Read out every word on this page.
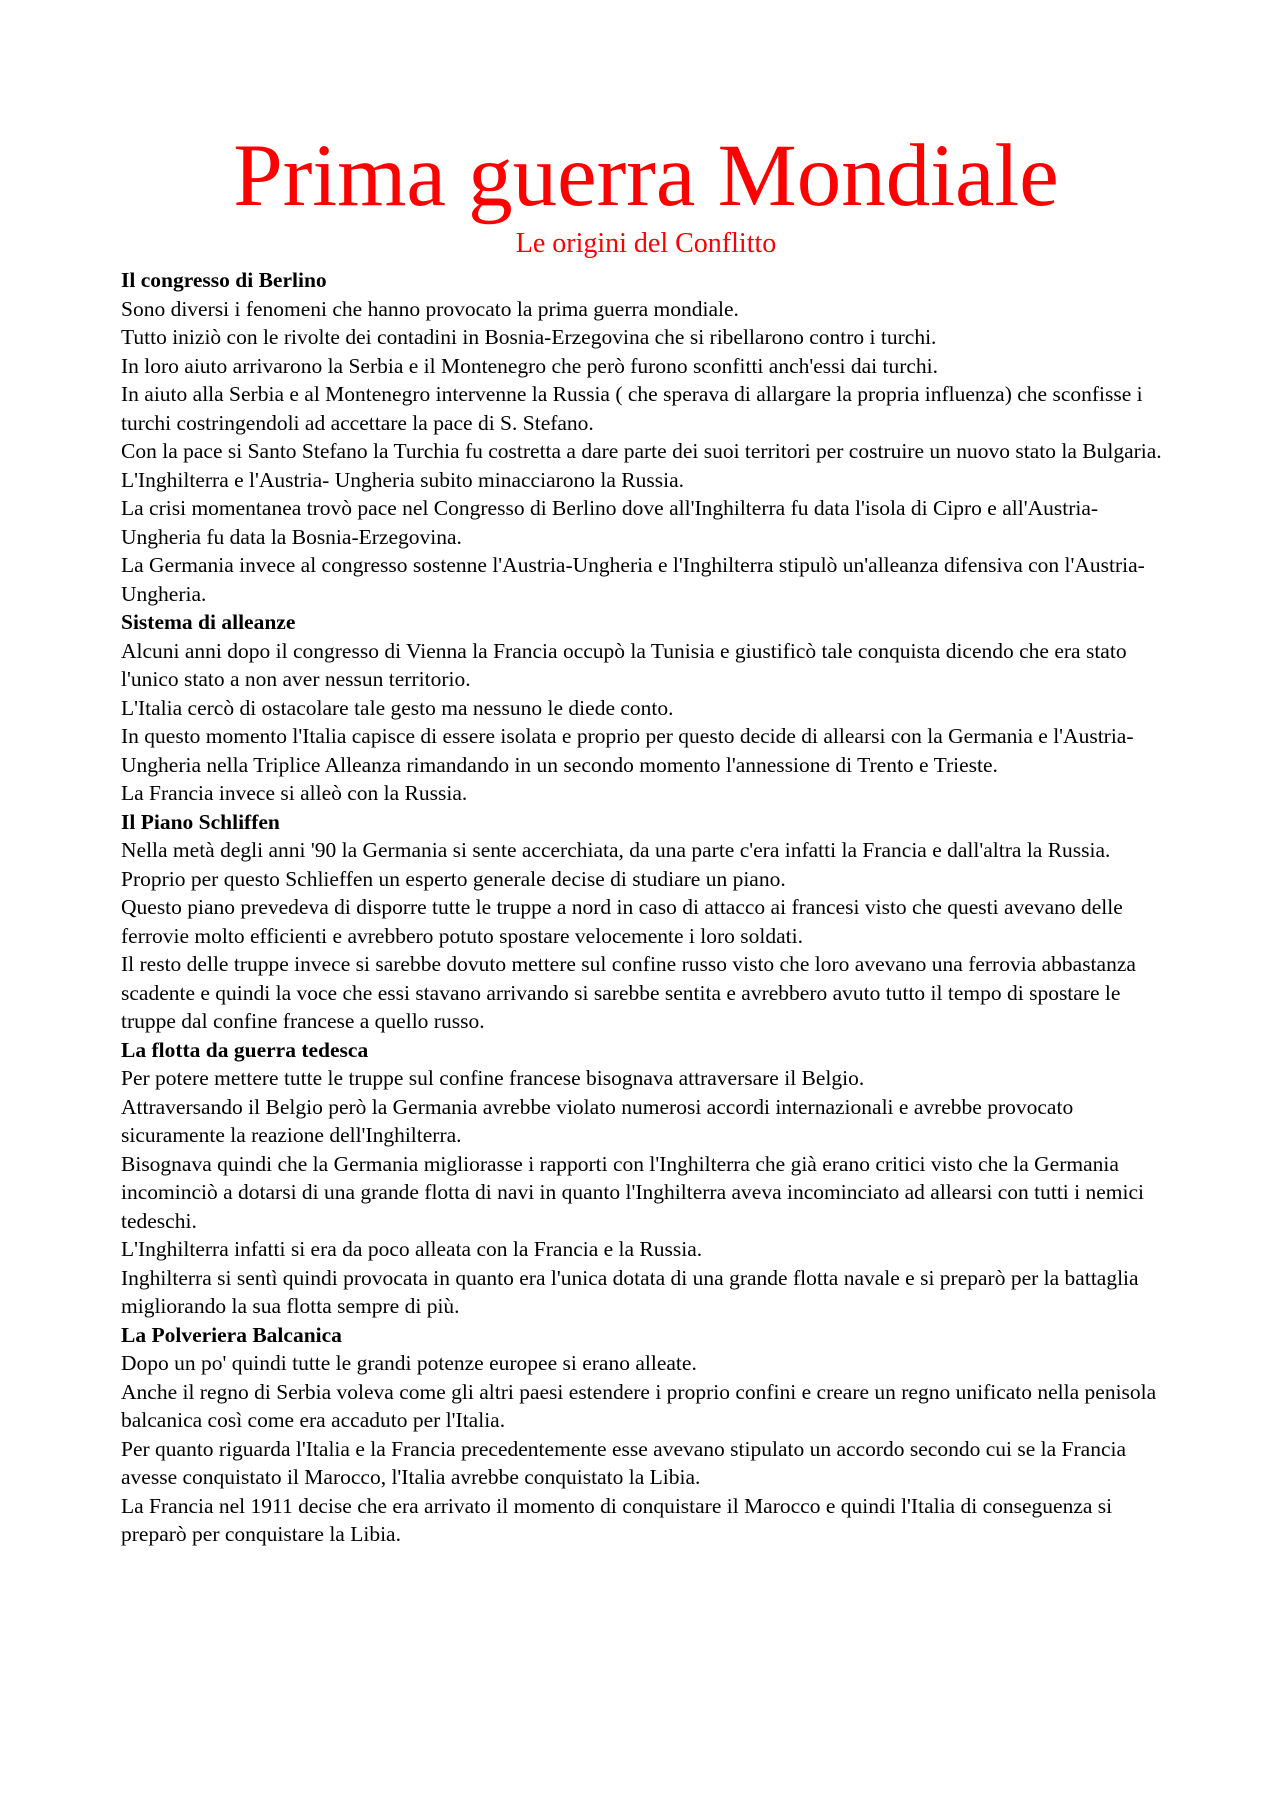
Prima guerra Mondiale
Le origini del Conflitto

Il congresso di Berlino

Sono diversi i fenomeni che hanno provocato la prima guerra mondiale.

Tutto iniziò con le rivolte dei contadini in Bosnia-Erzegovina che si ribellarono contro i turchi.

In loro aiuto arrivarono la Serbia e il Montenegro che però furono sconfitti anch'essi dai turchi.

In aiuto alla Serbia e al Montenegro intervenne la Russia ( che sperava di allargare la propria influenza) che sconfisse i turchi costringendoli ad accettare la pace di S. Stefano.

Con la pace si Santo Stefano la Turchia fu costretta a dare parte dei suoi territori per costruire un nuovo stato la Bulgaria.

L'Inghilterra e l'Austria- Ungheria subito minacciarono la Russia.

La crisi momentanea trovò pace nel Congresso di Berlino dove all'Inghilterra fu data l'isola di Cipro e all'Austria- Ungheria fu data la Bosnia-Erzegovina.

La Germania invece al congresso sostenne l'Austria-Ungheria e l'Inghilterra stipulò un'alleanza difensiva con l'Austria-Ungheria.

Sistema di alleanze

Alcuni anni dopo il congresso di Vienna la Francia occupò la Tunisia e giustificò tale conquista dicendo che era stato l'unico stato a non aver nessun territorio.

L'Italia cercò di ostacolare tale gesto ma nessuno le diede conto.

In questo momento l'Italia capisce di essere isolata e proprio per questo decide di allearsi con la Germania e l'Austria-Ungheria nella Triplice Alleanza rimandando in un secondo momento l'annessione di Trento e Trieste.

La Francia invece si alleò con la Russia.

Il Piano Schliffen

Nella metà degli anni '90 la Germania si sente accerchiata, da una parte c'era infatti la Francia e dall'altra la Russia.

Proprio per questo Schlieffen un esperto generale decise di studiare un piano.

Questo piano prevedeva di disporre tutte le truppe a nord in caso di attacco ai francesi visto che questi avevano delle ferrovie molto efficienti e avrebbero potuto spostare velocemente i loro soldati.

Il resto delle truppe invece si sarebbe dovuto mettere sul confine russo visto che loro avevano una ferrovia abbastanza scadente e quindi la voce che essi stavano arrivando si sarebbe sentita e avrebbero avuto tutto il tempo di spostare le truppe dal confine francese a quello russo.

La flotta da guerra tedesca

Per potere mettere tutte le truppe sul confine francese bisognava attraversare il Belgio.

Attraversando il Belgio però la Germania avrebbe violato numerosi accordi internazionali e avrebbe provocato sicuramente la reazione dell'Inghilterra.

Bisognava quindi che la Germania migliorasse i rapporti con l'Inghilterra che già erano critici visto che la Germania incominciò a dotarsi di una grande flotta di navi in quanto l'Inghilterra aveva incominciato ad allearsi con tutti i nemici tedeschi.

L'Inghilterra infatti si era da poco alleata con la Francia e la Russia.

Inghilterra si sentì quindi provocata in quanto era l'unica dotata di una grande flotta navale e si preparò per la battaglia migliorando la sua flotta sempre di più.

La Polveriera Balcanica

Dopo un po' quindi tutte le grandi potenze europee si erano alleate.

Anche il regno di Serbia voleva come gli altri paesi estendere i proprio confini e creare un regno unificato nella penisola balcanica così come era accaduto per l'Italia.

Per quanto riguarda l'Italia e la Francia precedentemente esse avevano stipulato un accordo secondo cui se la Francia avesse conquistato il Marocco, l'Italia avrebbe conquistato la Libia.

La Francia nel 1911 decise che era arrivato il momento di conquistare il Marocco e quindi l'Italia di conseguenza si preparò per conquistare la Libia.
